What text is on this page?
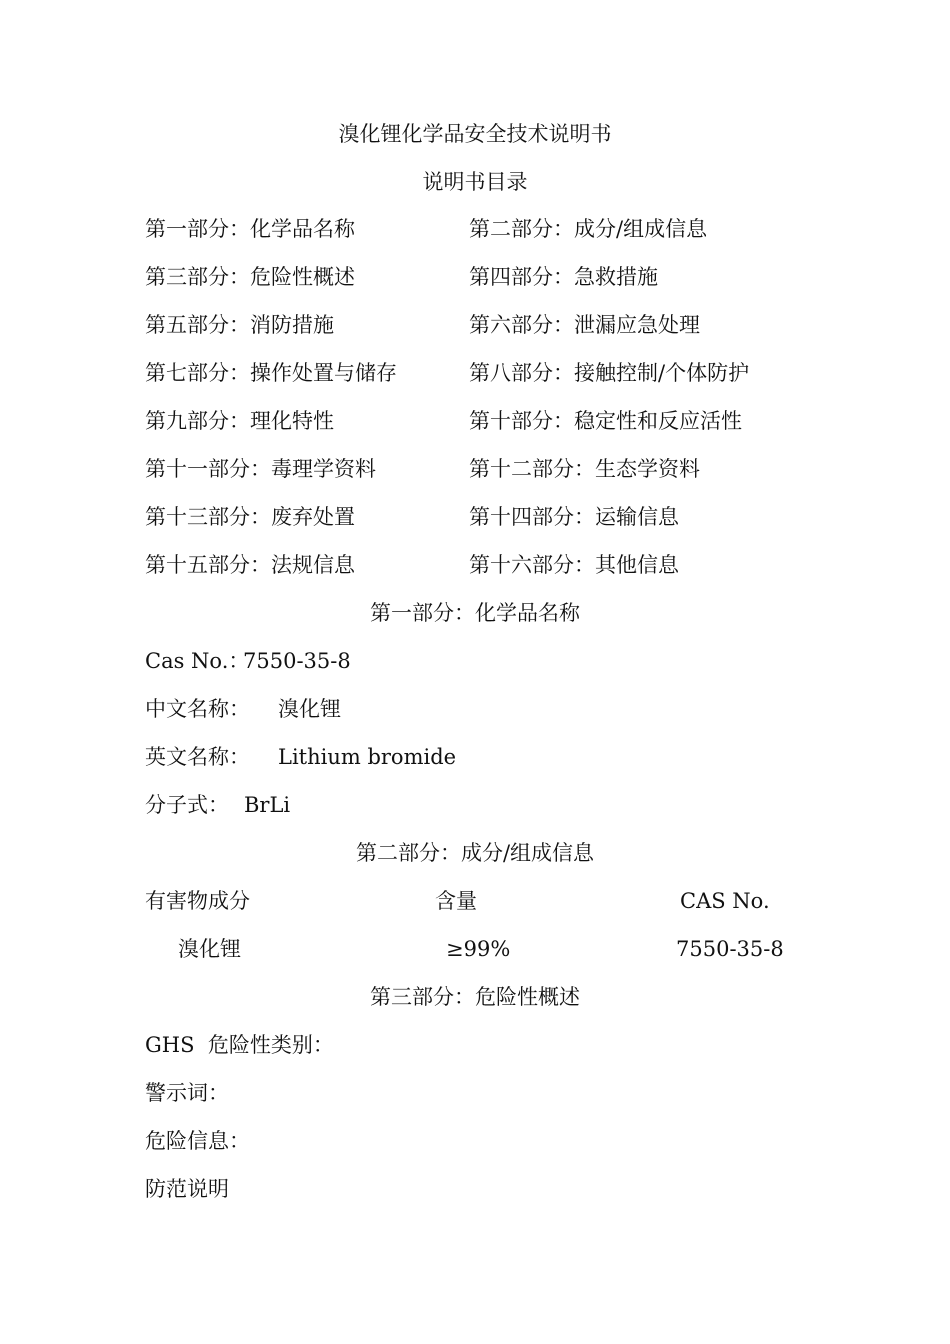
溴化锂化学品安全技术说明书
说明书目录
第一部分：化学品名称	第二部分：成分/组成信息
第三部分：危险性概述	第四部分：急救措施
第五部分：消防措施	第六部分：泄漏应急处理
第七部分：操作处置与储存	第八部分：接触控制/个体防护
第九部分：理化特性	第十部分：稳定性和反应活性
第十一部分：毒理学资料	第十二部分：生态学资料
第十三部分：废弃处置	第十四部分：运输信息
第十五部分：法规信息	第十六部分：其他信息
第一部分：化学品名称
Cas No.：
7550-35-8
中文名称： 溴化锂
英文名称： Lithium bromide
分子式： BrLi
第二部分：成分/组成信息
有害物成分	含量	CAS No.
溴化锂	≥99%	7550-35-8
第三部分：危险性概述
GHS  危险性类别：
警示词：
危险信息：
防范说明
